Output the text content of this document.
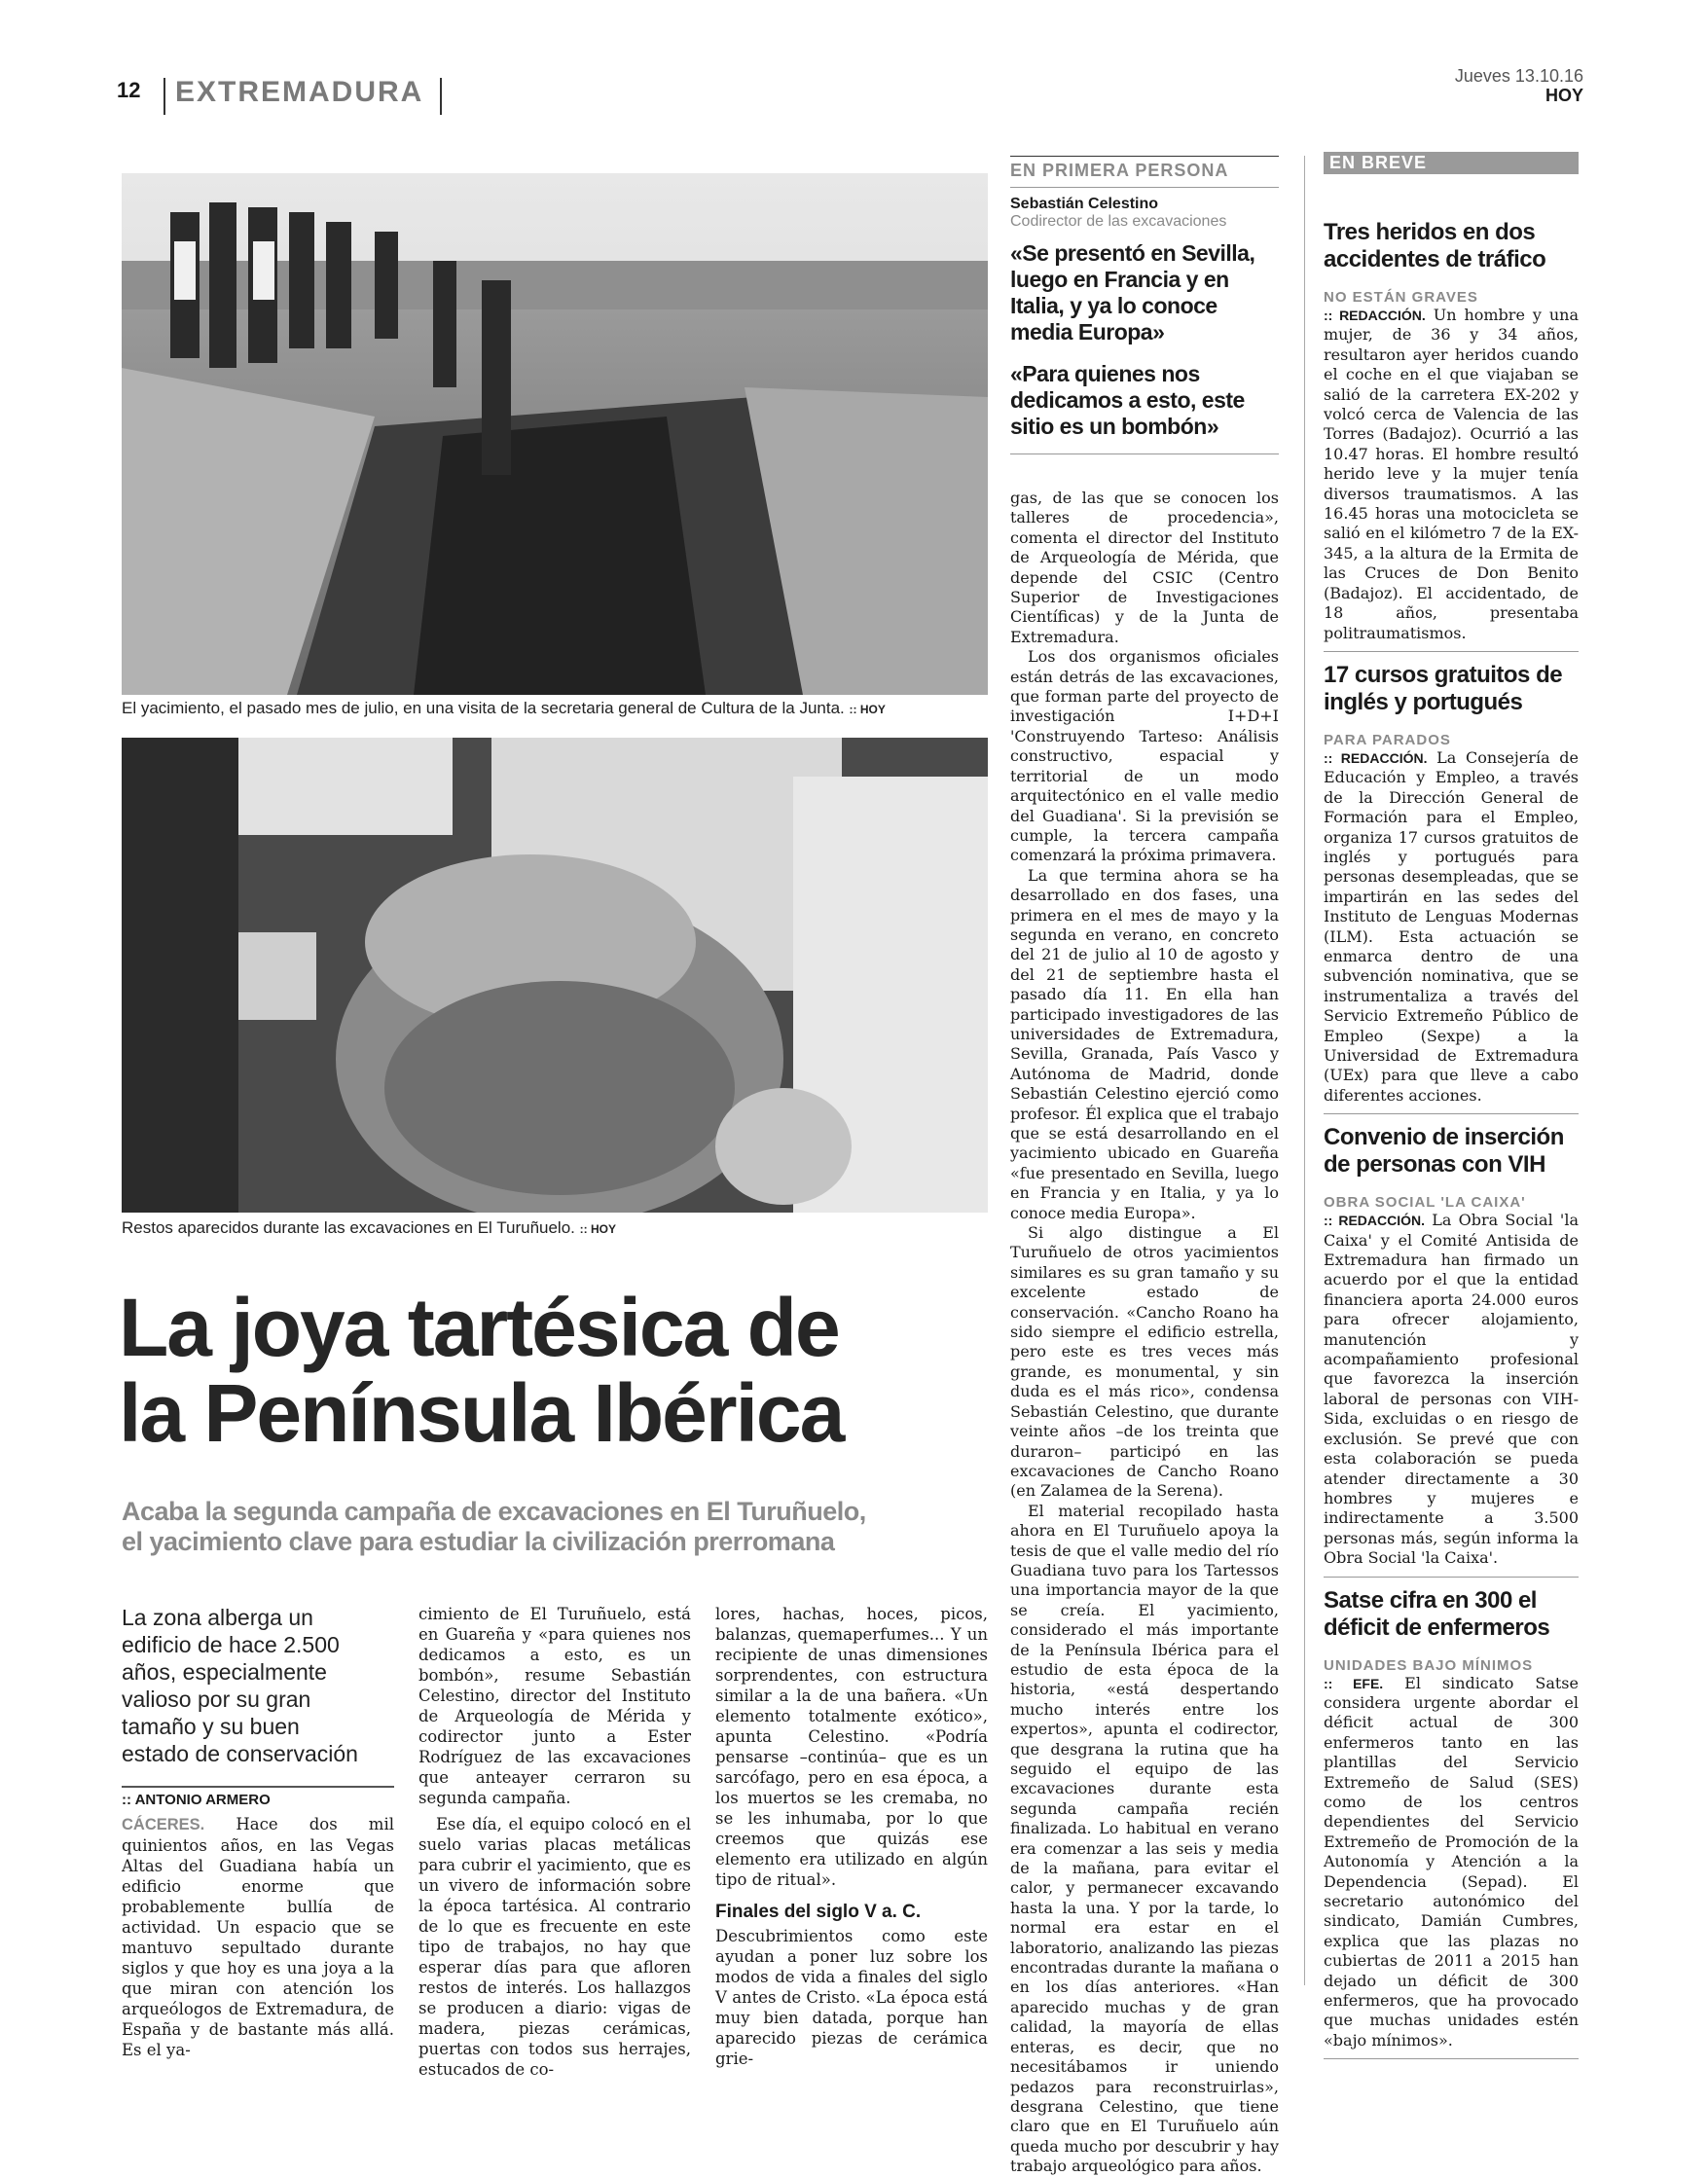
12 EXTREMADURA	Jueves 13.10.16
HOY
El yacimiento, el pasado mes de julio, en una visita de la secretaria general de Cultura de la Junta. :: HOY
Restos aparecidos durante las excavaciones en El Turuñuelo. :: HOY
La joya tartésica de
la Península Ibérica
Acaba la segunda campaña de excavaciones en El Turuñuelo,
el yacimiento clave para estudiar la civilización prerromana
La zona alberga un edificio de hace 2.500 años, especialmente valioso por su gran tamaño y su buen estado de conservación
:: ANTONIO ARMERO

CÁCERES. Hace dos mil quinientos años, en las Vegas Altas del Guadiana había un edificio enorme que probablemente bullía de actividad. Un espacio que se mantuvo sepultado durante siglos y que hoy es una joya a la que miran con atención los arqueólogos de Extremadura, de España y de bastante más allá. Es el ya-

cimiento de El Turuñuelo, está en Guareña y «para quienes nos dedicamos a esto, es un bombón», resume Sebastián Celestino, director del Instituto de Arqueología de Mérida y codirector junto a Ester Rodríguez de las excavaciones que anteayer cerraron su segunda campaña.

Ese día, el equipo colocó en el suelo varias placas metálicas para cubrir el yacimiento, que es un vivero de información sobre la época tartésica. Al contrario de lo que es frecuente en este tipo de trabajos, no hay que esperar días para que afloren restos de interés. Los hallazgos se producen a diario: vigas de madera, piezas cerámicas, puertas con todos sus herrajes, estucados de co-

lores, hachas, hoces, picos, balanzas, quemaperfumes... Y un recipiente de unas dimensiones sorprendentes, con estructura similar a la de una bañera. «Un elemento totalmente exótico», apunta Celestino. «Podría pensarse –continúa– que es un sarcófago, pero en esa época, a los muertos se les cremaba, no se les inhumaba, por lo que creemos que quizás ese elemento era utilizado en algún tipo de ritual».

Finales del siglo V a. C.

Descubrimientos como este ayudan a poner luz sobre los modos de vida a finales del siglo V antes de Cristo. «La época está muy bien datada, porque han aparecido piezas de cerámica grie-

EN PRIMERA PERSONA
Sebastián Celestino
Codirector de las excavaciones
«Se presentó en Sevilla, luego en Francia y en Italia, y ya lo conoce media Europa»
«Para quienes nos dedicamos a esto, este sitio es un bombón»

gas, de las que se conocen los talleres de procedencia», comenta el director del Instituto de Arqueología de Mérida, que depende del CSIC (Centro Superior de Investigaciones Científicas) y de la Junta de Extremadura.

Los dos organismos oficiales están detrás de las excavaciones, que forman parte del proyecto de investigación I+D+I 'Construyendo Tarteso: Análisis constructivo, espacial y territorial de un modo arquitectónico en el valle medio del Guadiana'. Si la previsión se cumple, la tercera campaña comenzará la próxima primavera.

La que termina ahora se ha desarrollado en dos fases, una primera en el mes de mayo y la segunda en verano, en concreto del 21 de julio al 10 de agosto y del 21 de septiembre hasta el pasado día 11. En ella han participado investigadores de las universidades de Extremadura, Sevilla, Granada, País Vasco y Autónoma de Madrid, donde Sebastián Celestino ejerció como profesor. Él explica que el trabajo que se está desarrollando en el yacimiento ubicado en Guareña «fue presentado en Sevilla, luego en Francia y en Italia, y ya lo conoce media Europa».

Si algo distingue a El Turuñuelo de otros yacimientos similares es su gran tamaño y su excelente estado de conservación. «Cancho Roano ha sido siempre el edificio estrella, pero este es tres veces más grande, es monumental, y sin duda es el más rico», condensa Sebastián Celestino, que durante veinte años –de los treinta que duraron– participó en las excavaciones de Cancho Roano (en Zalamea de la Serena).

El material recopilado hasta ahora en El Turuñuelo apoya la tesis de que el valle medio del río Guadiana tuvo para los Tartessos una importancia mayor de la que se creía. El yacimiento, considerado el más importante de la Península Ibérica para el estudio de esta época de la historia, «está despertando mucho interés entre los expertos», apunta el codirector, que desgrana la rutina que ha seguido el equipo de las excavaciones durante esta segunda campaña recién finalizada. Lo habitual en verano era comenzar a las seis y media de la mañana, para evitar el calor, y permanecer excavando hasta la una. Y por la tarde, lo normal era estar en el laboratorio, analizando las piezas encontradas durante la mañana o en los días anteriores. «Han aparecido muchas y de gran calidad, la mayoría de ellas enteras, es decir, que no necesitábamos ir uniendo pedazos para reconstruirlas», desgrana Celestino, que tiene claro que en El Turuñuelo aún queda mucho por descubrir y hay trabajo arqueológico para años.

EN BREVE
Tres heridos en dos accidentes de tráfico
NO ESTÁN GRAVES

:: REDACCIÓN. Un hombre y una mujer, de 36 y 34 años, resultaron ayer heridos cuando el coche en el que viajaban se salió de la carretera EX-202 y volcó cerca de Valencia de las Torres (Badajoz). Ocurrió a las 10.47 horas. El hombre resultó herido leve y la mujer tenía diversos traumatismos. A las 16.45 horas una motocicleta se salió en el kilómetro 7 de la EX-345, a la altura de la Ermita de las Cruces de Don Benito (Badajoz). El accidentado, de 18 años, presentaba politraumatismos.

17 cursos gratuitos de inglés y portugués
PARA PARADOS

:: REDACCIÓN. La Consejería de Educación y Empleo, a través de la Dirección General de Formación para el Empleo, organiza 17 cursos gratuitos de inglés y portugués para personas desempleadas, que se impartirán en las sedes del Instituto de Lenguas Modernas (ILM). Esta actuación se enmarca dentro de una subvención nominativa, que se instrumentaliza a través del Servicio Extremeño Público de Empleo (Sexpe) a la Universidad de Extremadura (UEx) para que lleve a cabo diferentes acciones.

Convenio de inserción de personas con VIH
OBRA SOCIAL 'LA CAIXA'

:: REDACCIÓN. La Obra Social 'la Caixa' y el Comité Antisida de Extremadura han firmado un acuerdo por el que la entidad financiera aporta 24.000 euros para ofrecer alojamiento, manutención y acompañamiento profesional que favorezca la inserción laboral de personas con VIH-Sida, excluidas o en riesgo de exclusión. Se prevé que con esta colaboración se pueda atender directamente a 30 hombres y mujeres e indirectamente a 3.500 personas más, según informa la Obra Social 'la Caixa'.

Satse cifra en 300 el déficit de enfermeros
UNIDADES BAJO MÍNIMOS

:: EFE. El sindicato Satse considera urgente abordar el déficit actual de 300 enfermeros tanto en las plantillas del Servicio Extremeño de Salud (SES) como de los centros dependientes del Servicio Extremeño de Promoción de la Autonomía y Atención a la Dependencia (Sepad). El secretario autonómico del sindicato, Damián Cumbres, explica que las plazas no cubiertas de 2011 a 2015 han dejado un déficit de 300 enfermeros, que ha provocado que muchas unidades estén «bajo mínimos».
